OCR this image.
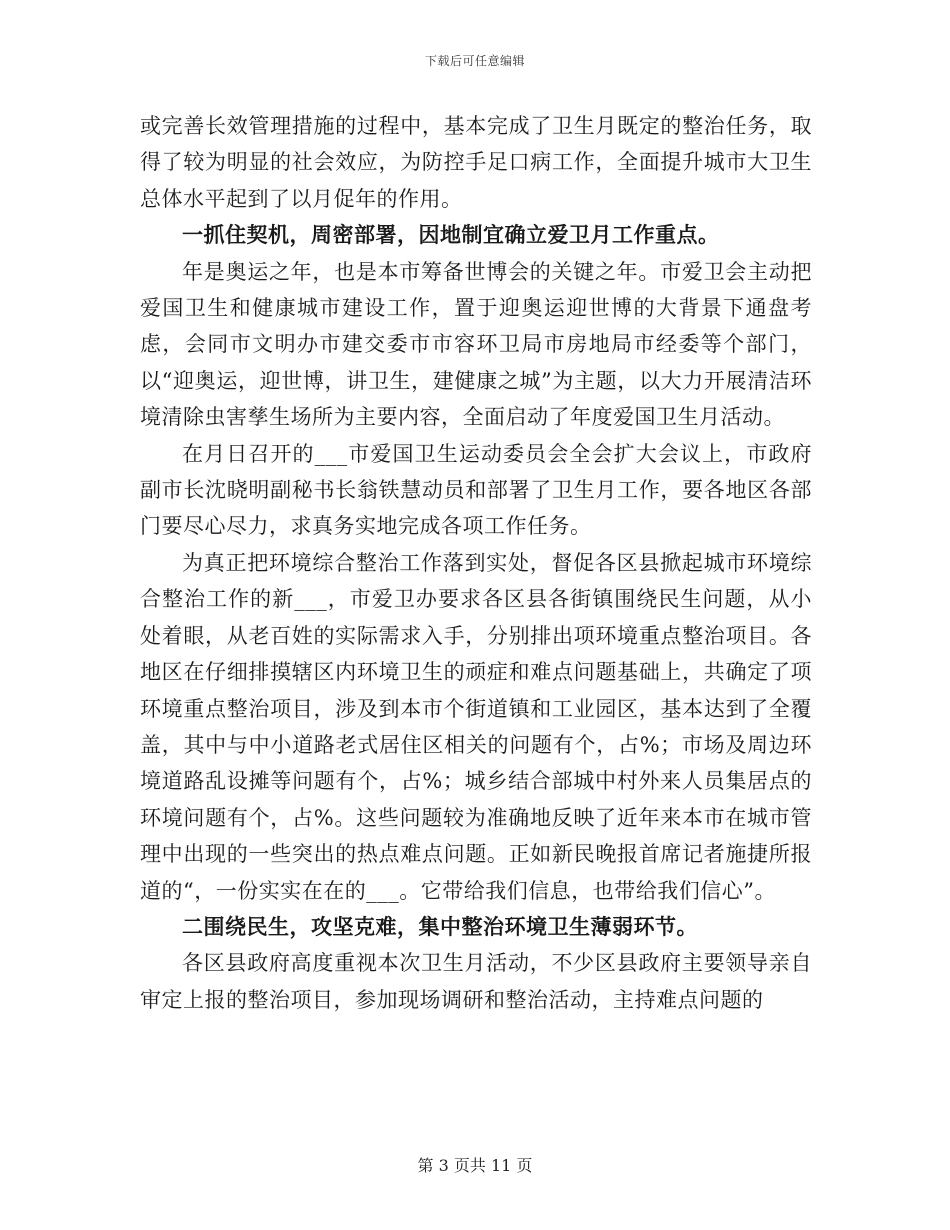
下载后可任意编辑

或完善长效管理措施的过程中，基本完成了卫生月既定的整治任务，取得了较为明显的社会效应，为防控手足口病工作，全面提升城市大卫生总体水平起到了以月促年的作用。

一抓住契机，周密部署，因地制宜确立爱卫月工作重点。

年是奥运之年，也是本市筹备世博会的关键之年。市爱卫会主动把爱国卫生和健康城市建设工作，置于迎奥运迎世博的大背景下通盘考虑，会同市文明办市建交委市市容环卫局市房地局市经委等个部门，以“迎奥运，迎世博，讲卫生，建健康之城”为主题，以大力开展清洁环境清除虫害孳生场所为主要内容，全面启动了年度爱国卫生月活动。

在月日召开的___市爱国卫生运动委员会全会扩大会议上，市政府副市长沈晓明副秘书长翁铁慧动员和部署了卫生月工作，要各地区各部门要尽心尽力，求真务实地完成各项工作任务。

为真正把环境综合整治工作落到实处，督促各区县掀起城市环境综合整治工作的新___，市爱卫办要求各区县各街镇围绕民生问题，从小处着眼，从老百姓的实际需求入手，分别排出项环境重点整治项目。各地区在仔细排摸辖区内环境卫生的顽症和难点问题基础上，共确定了项环境重点整治项目，涉及到本市个街道镇和工业园区，基本达到了全覆盖，其中与中小道路老式居住区相关的问题有个，占%；市场及周边环境道路乱设摊等问题有个，占%；城乡结合部城中村外来人员集居点的环境问题有个，占%。这些问题较为准确地反映了近年来本市在城市管理中出现的一些突出的热点难点问题。正如新民晚报首席记者施捷所报道的“，一份实实在在的___。它带给我们信息，也带给我们信心”。

二围绕民生，攻坚克难，集中整治环境卫生薄弱环节。

各区县政府高度重视本次卫生月活动，不少区县政府主要领导亲自审定上报的整治项目，参加现场调研和整治活动，主持难点问题的

第 3 页共 11 页
